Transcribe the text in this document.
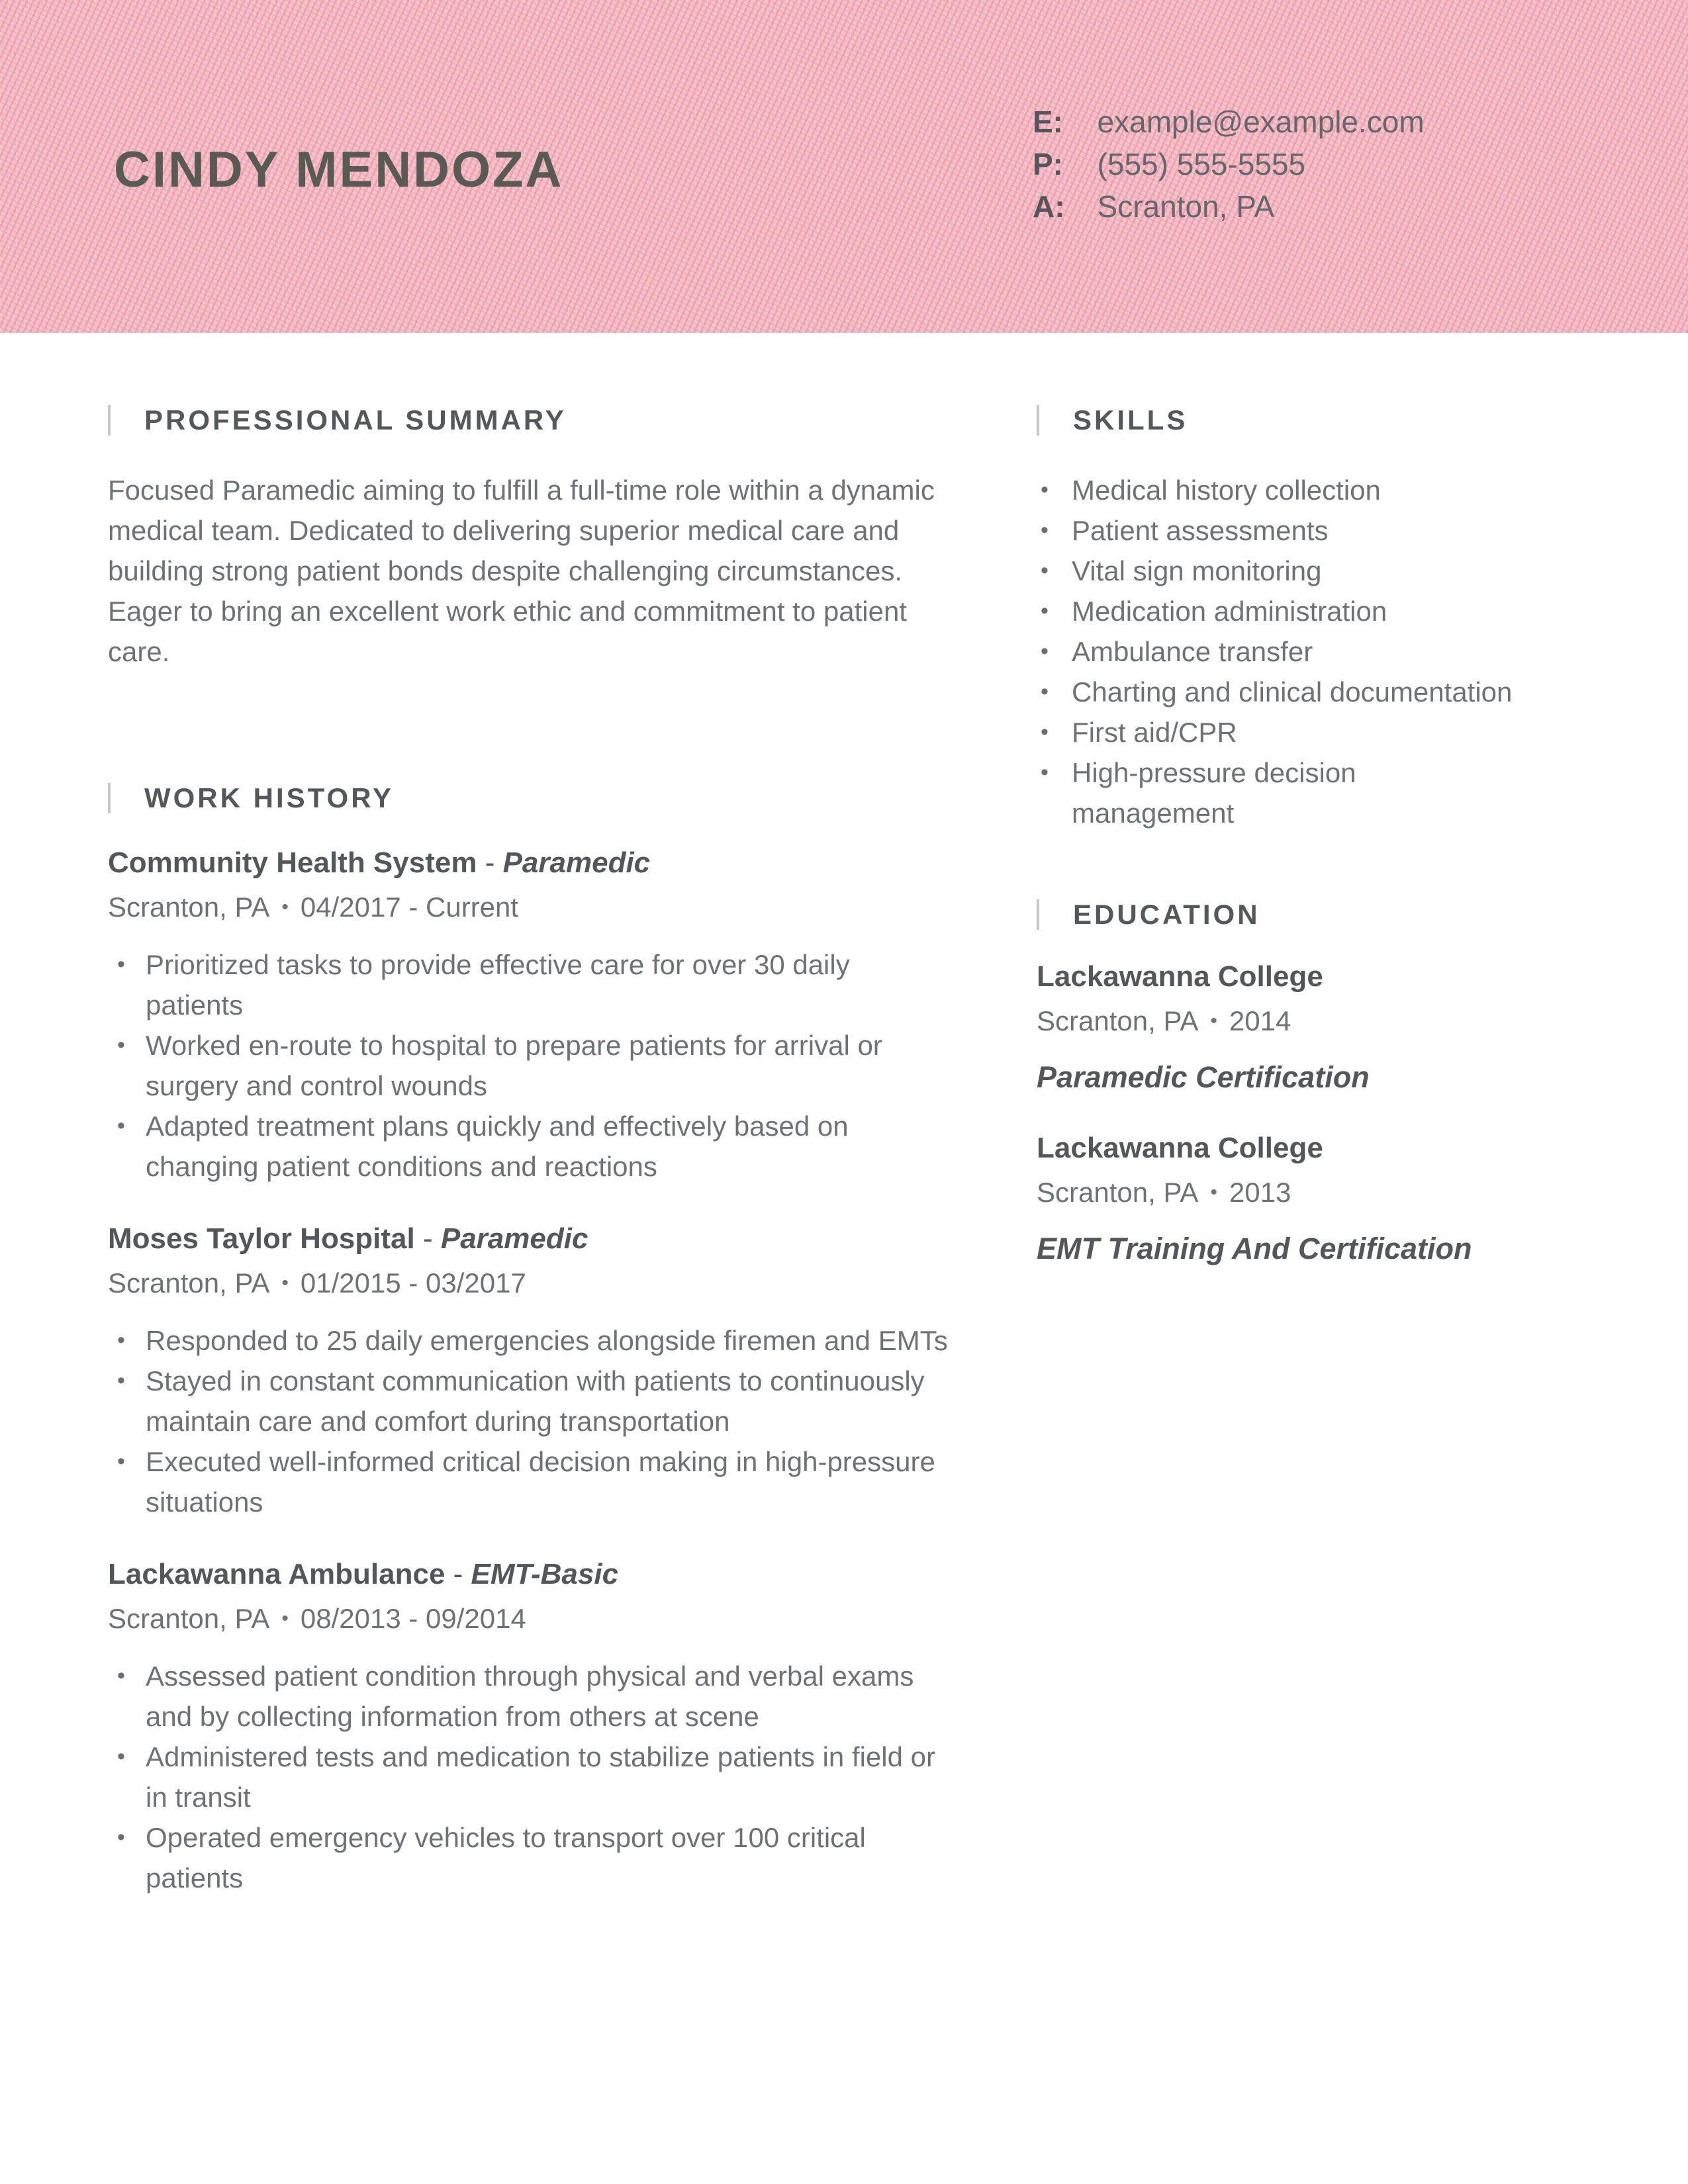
CINDY MENDOZA
E:  example@example.com
P:  (555) 555-5555
A:  Scranton, PA
PROFESSIONAL SUMMARY

Focused Paramedic aiming to fulfill a full-time role within a dynamic medical team. Dedicated to delivering superior medical care and building strong patient bonds despite challenging circumstances. Eager to bring an excellent work ethic and commitment to patient care.

WORK HISTORY
Community Health System - Paramedic
Scranton, PA • 04/2017 - Current
• Prioritized tasks to provide effective care for over 30 daily patients
• Worked en-route to hospital to prepare patients for arrival or surgery and control wounds
• Adapted treatment plans quickly and effectively based on changing patient conditions and reactions
Moses Taylor Hospital - Paramedic
Scranton, PA • 01/2015 - 03/2017
• Responded to 25 daily emergencies alongside firemen and EMTs
• Stayed in constant communication with patients to continuously maintain care and comfort during transportation
• Executed well-informed critical decision making in high-pressure situations
Lackawanna Ambulance - EMT-Basic
Scranton, PA • 08/2013 - 09/2014
• Assessed patient condition through physical and verbal exams and by collecting information from others at scene
• Administered tests and medication to stabilize patients in field or in transit
• Operated emergency vehicles to transport over 100 critical patients
SKILLS
• Medical history collection
• Patient assessments
• Vital sign monitoring
• Medication administration
• Ambulance transfer
• Charting and clinical documentation
• First aid/CPR
• High-pressure decision management
EDUCATION
Lackawanna College
Scranton, PA • 2014
Paramedic Certification
Lackawanna College
Scranton, PA • 2013
EMT Training And Certification
